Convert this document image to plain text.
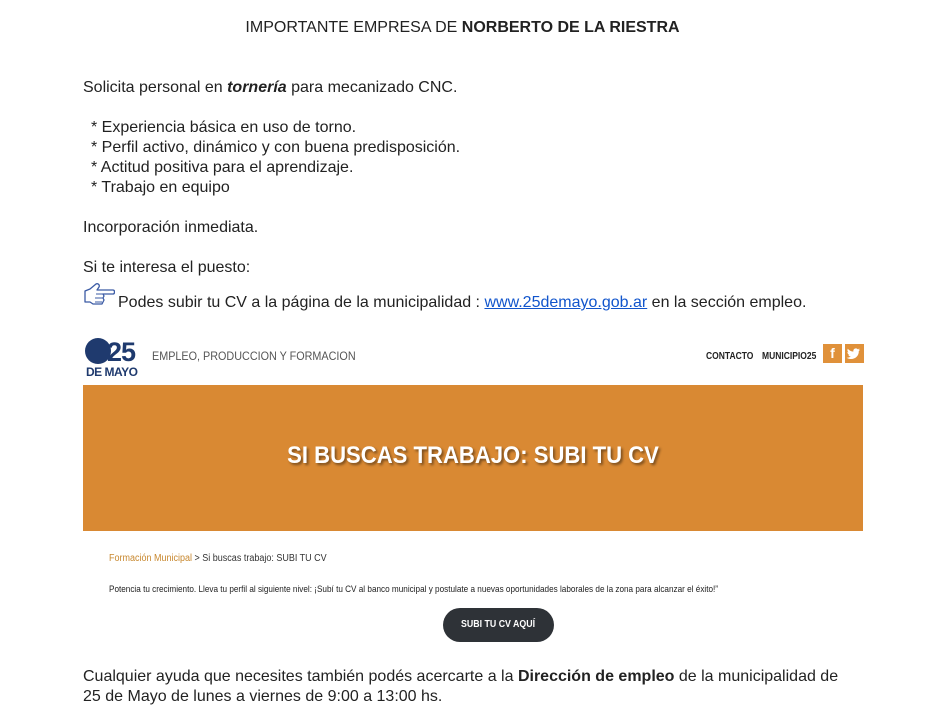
IMPORTANTE EMPRESA DE NORBERTO DE LA RIESTRA
Solicita personal en tornería para mecanizado CNC.
* Experiencia básica en uso de torno.
* Perfil activo, dinámico y con buena predisposición.
* Actitud positiva para el aprendizaje.
* Trabajo en equipo
Incorporación inmediata.
Si te interesa el puesto:
Podes subir tu CV a la página de la municipalidad : www.25demayo.gob.ar en la sección empleo.
25
DE MAYO
EMPLEO, PRODUCCION Y FORMACION	CONTACTO MUNICIPIO25 f
SI BUSCAS TRABAJO: SUBI TU CV
Formación Municipal > Si buscas trabajo: SUBI TU CV
Potencia tu crecimiento. Lleva tu perfil al siguiente nivel: ¡Subí tu CV al banco municipal y postulate a nuevas oportunidades laborales de la zona para alcanzar el éxito!”
SUBI TU CV AQUÍ
Cualquier ayuda que necesites también podés acercarte a la Dirección de empleo de la municipalidad de
25 de Mayo de lunes a viernes de 9:00 a 13:00 hs.
